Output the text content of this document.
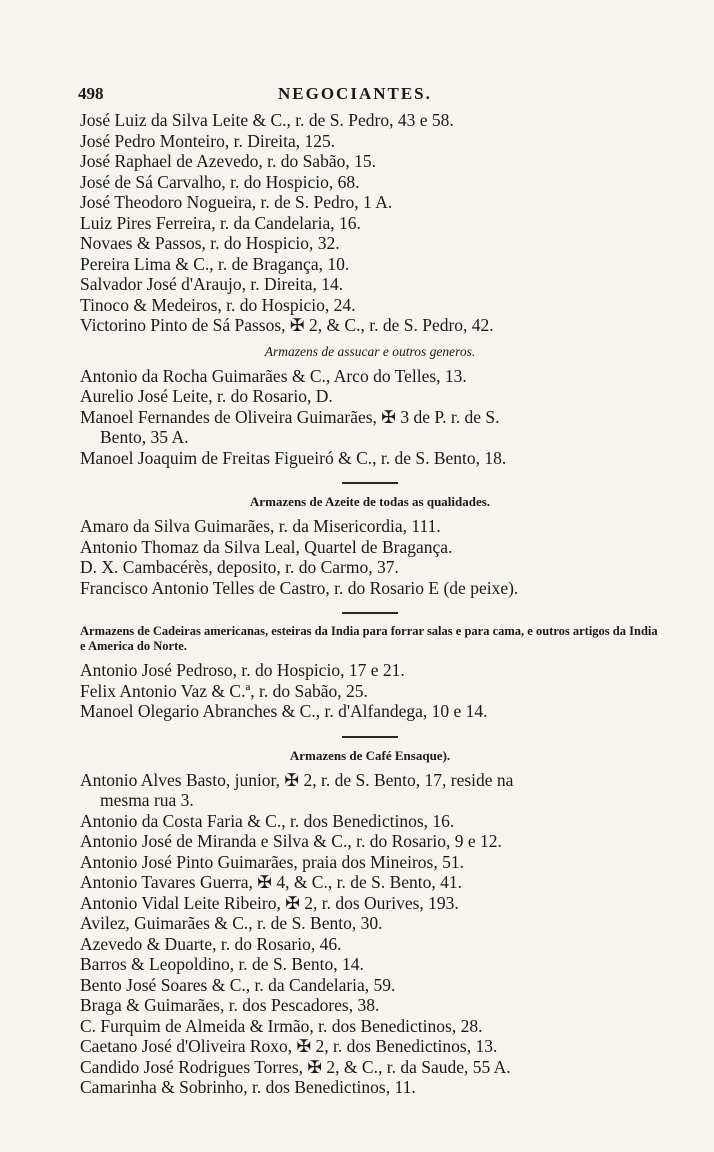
498	NEGOCIANTES.
José Luiz da Silva Leite & C., r. de S. Pedro, 43 e 58.
José Pedro Monteiro, r. Direita, 125.
José Raphael de Azevedo, r. do Sabão, 15.
José de Sá Carvalho, r. do Hospicio, 68.
José Theodoro Nogueira, r. de S. Pedro, 1 A.
Luiz Pires Ferreira, r. da Candelaria, 16.
Novaes & Passos, r. do Hospicio, 32.
Pereira Lima & C., r. de Bragança, 10.
Salvador José d'Araujo, r. Direita, 14.
Tinoco & Medeiros, r. do Hospicio, 24.
Victorino Pinto de Sá Passos, ✠ 2, & C., r. de S. Pedro, 42.
Armazens de assucar e outros generos.
Antonio da Rocha Guimarães & C., Arco do Telles, 13.
Aurelio José Leite, r. do Rosario, D.
Manoel Fernandes de Oliveira Guimarães, ✠ 3 de P. r. de S.
Bento, 35 A.
Manoel Joaquim de Freitas Figueiró & C., r. de S. Bento, 18.
Armazens de Azeite de todas as qualidades.
Amaro da Silva Guimarães, r. da Misericordia, 111.
Antonio Thomaz da Silva Leal, Quartel de Bragança.
D. X. Cambacérès, deposito, r. do Carmo, 37.
Francisco Antonio Telles de Castro, r. do Rosario E (de peixe).
Armazens de Cadeiras americanas, esteiras da India para forrar salas e para cama, e outros artigos da India e America do Norte.
Antonio José Pedroso, r. do Hospicio, 17 e 21.
Felix Antonio Vaz & C.ª, r. do Sabão, 25.
Manoel Olegario Abranches & C., r. d'Alfandega, 10 e 14.
Armazens de Café Ensaque).
Antonio Alves Basto, junior, ✠ 2, r. de S. Bento, 17, reside na
mesma rua 3.
Antonio da Costa Faria & C., r. dos Benedictinos, 16.
Antonio José de Miranda e Silva & C., r. do Rosario, 9 e 12.
Antonio José Pinto Guimarães, praia dos Mineiros, 51.
Antonio Tavares Guerra, ✠ 4, & C., r. de S. Bento, 41.
Antonio Vidal Leite Ribeiro, ✠ 2, r. dos Ourives, 193.
Avilez, Guimarães & C., r. de S. Bento, 30.
Azevedo & Duarte, r. do Rosario, 46.
Barros & Leopoldino, r. de S. Bento, 14.
Bento José Soares & C., r. da Candelaria, 59.
Braga & Guimarães, r. dos Pescadores, 38.
C. Furquim de Almeida & Irmão, r. dos Benedictinos, 28.
Caetano José d'Oliveira Roxo, ✠ 2, r. dos Benedictinos, 13.
Candido José Rodrigues Torres, ✠ 2, & C., r. da Saude, 55 A.
Camarinha & Sobrinho, r. dos Benedictinos, 11.
